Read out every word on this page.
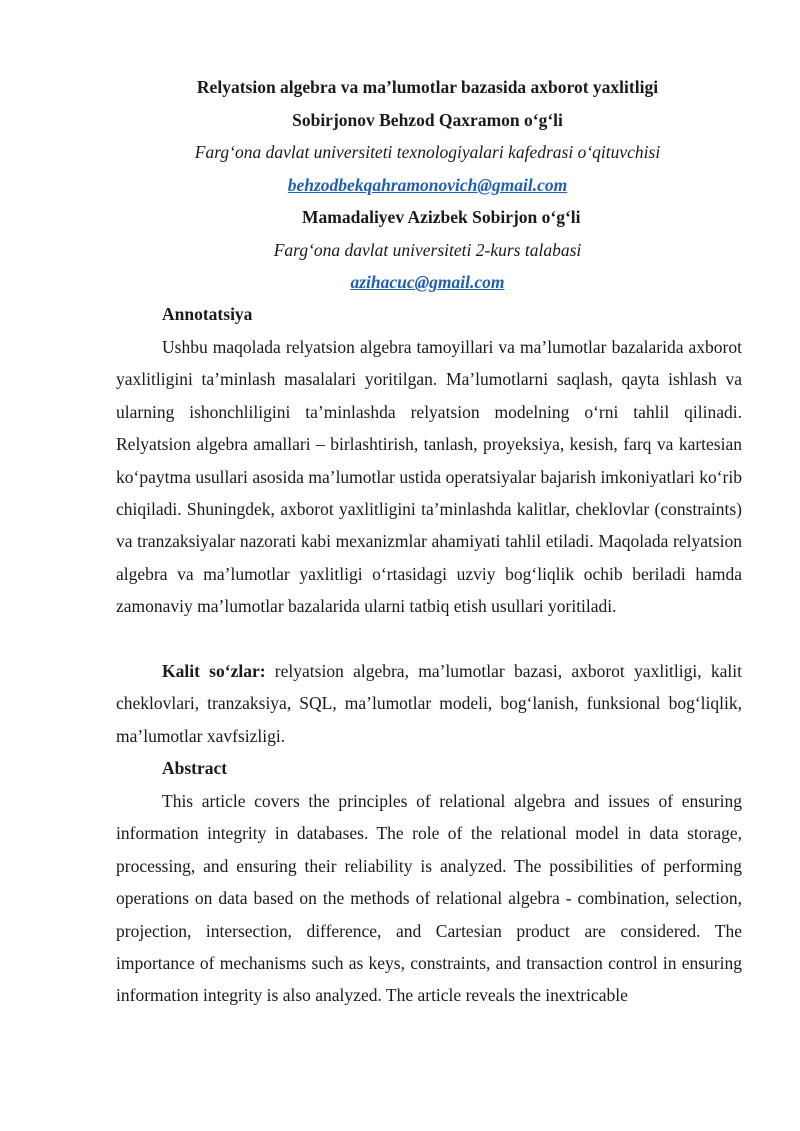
Relyatsion algebra va ma’lumotlar bazasida axborot yaxlitligi
Sobirjonov Behzod Qaxramon o‘g‘li
Farg‘ona davlat universiteti texnologiyalari kafedrasi o‘qituvchisi
behzodbekqahramonovich@gmail.com
Mamadaliyev Azizbek Sobirjon o‘g‘li
Farg‘ona davlat universiteti 2-kurs talabasi
azihacuc@gmail.com
Annotatsiya

Ushbu maqolada relyatsion algebra tamoyillari va ma’lumotlar bazalarida axborot yaxlitligini ta’minlash masalalari yoritilgan. Ma’lumotlarni saqlash, qayta ishlash va ularning ishonchliligini ta’minlashda relyatsion modelning o‘rni tahlil qilinadi. Relyatsion algebra amallari – birlashtirish, tanlash, proyeksiya, kesish, farq va kartesian ko‘paytma usullari asosida ma’lumotlar ustida operatsiyalar bajarish imkoniyatlari ko‘rib chiqiladi. Shuningdek, axborot yaxlitligini ta’minlashda kalitlar, cheklovlar (constraints) va tranzaksiyalar nazorati kabi mexanizmlar ahamiyati tahlil etiladi. Maqolada relyatsion algebra va ma’lumotlar yaxlitligi o‘rtasidagi uzviy bog‘liqlik ochib beriladi hamda zamonaviy ma’lumotlar bazalarida ularni tatbiq etish usullari yoritiladi.

Kalit so‘zlar: relyatsion algebra, ma’lumotlar bazasi, axborot yaxlitligi, kalit cheklovlari, tranzaksiya, SQL, ma’lumotlar modeli, bog‘lanish, funksional bog‘liqlik, ma’lumotlar xavfsizligi.

Abstract

This article covers the principles of relational algebra and issues of ensuring information integrity in databases. The role of the relational model in data storage, processing, and ensuring their reliability is analyzed. The possibilities of performing operations on data based on the methods of relational algebra - combination, selection, projection, intersection, difference, and Cartesian product are considered. The importance of mechanisms such as keys, constraints, and transaction control in ensuring information integrity is also analyzed. The article reveals the inextricable
